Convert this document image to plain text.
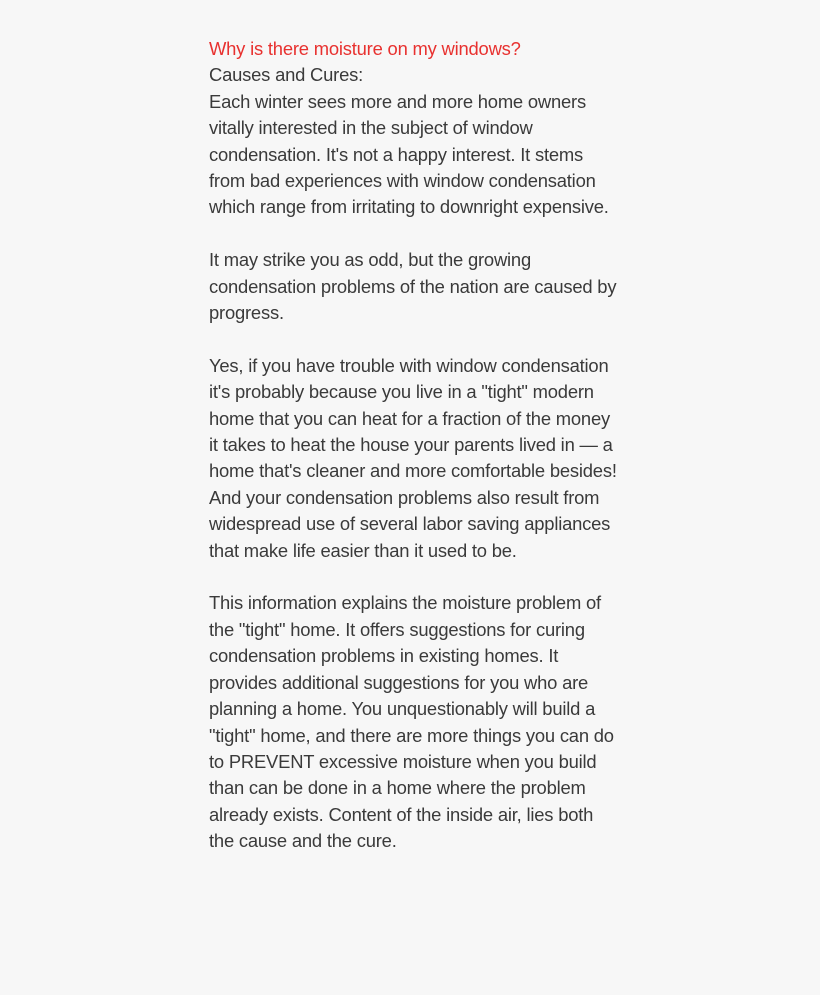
Why is there moisture on my windows?
Causes and Cures:

Each winter sees more and more home owners vitally interested in the subject of window condensation. It's not a happy interest. It stems from bad experiences with window condensation which range from irritating to downright expensive.

It may strike you as odd, but the growing condensation problems of the nation are caused by progress.

Yes, if you have trouble with window condensation it's probably because you live in a "tight" modern home that you can heat for a fraction of the money it takes to heat the house your parents lived in — a home that's cleaner and more comfortable besides! And your condensation problems also result from widespread use of several labor saving appliances that make life easier than it used to be.

This information explains the moisture problem of the "tight" home. It offers suggestions for curing condensation problems in existing homes. It provides additional suggestions for you who are planning a home. You unquestionably will build a "tight" home, and there are more things you can do to PREVENT excessive moisture when you build than can be done in a home where the problem already exists. Content of the inside air, lies both the cause and the cure.
